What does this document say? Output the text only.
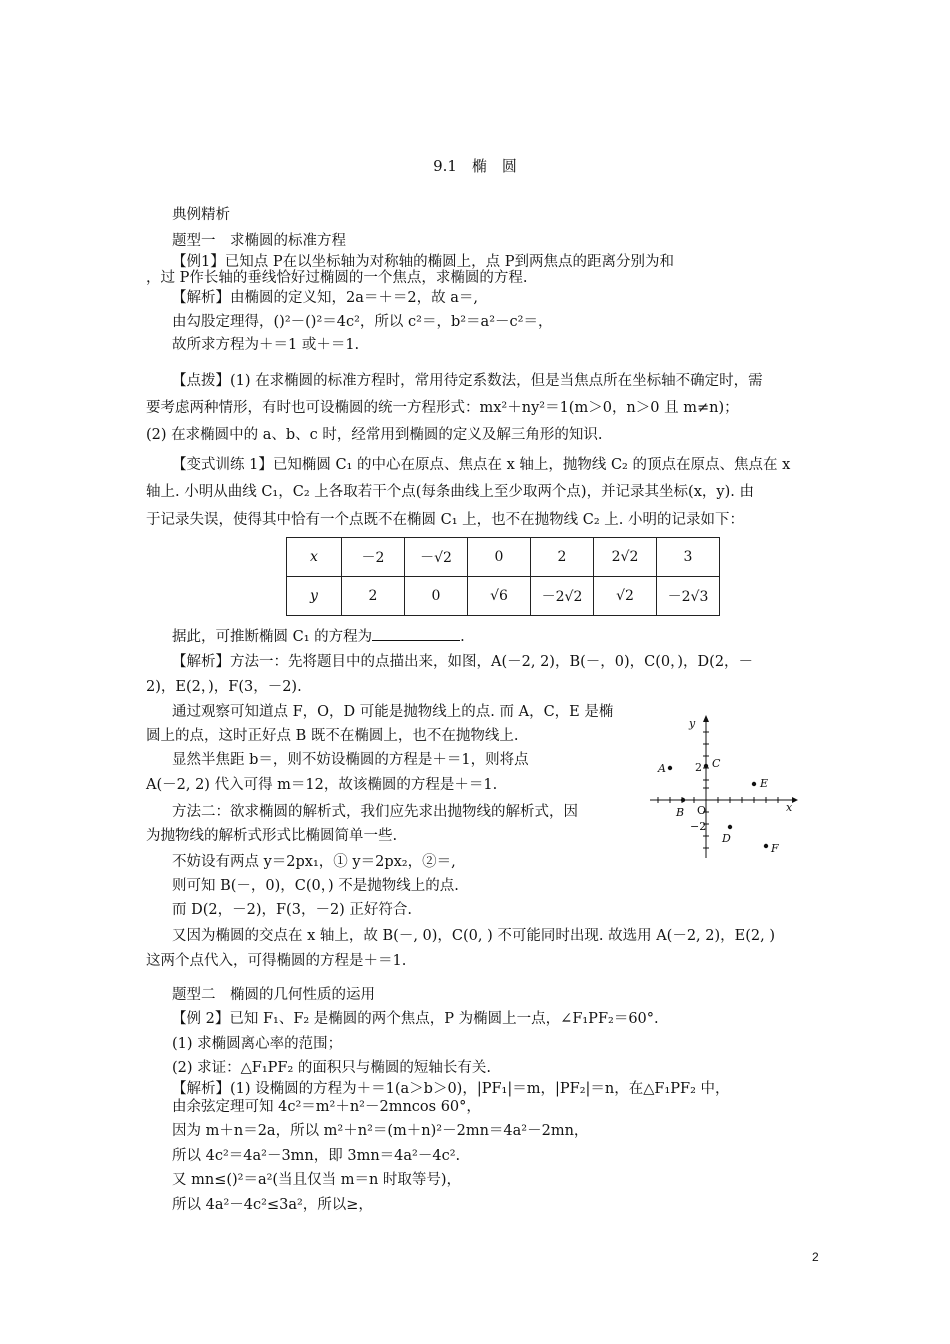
9.1　椭　圆
典例精析
题型一　求椭圆的标准方程
【例1】已知点 P在以坐标轴为对称轴的椭圆上，点 P到两焦点的距离分别为和
，过 P作长轴的垂线恰好过椭圆的一个焦点，求椭圆的方程.
【解析】由椭圆的定义知，2a＝＋＝2，故 a＝,
由勾股定理得，()²－()²＝4c²，所以 c²＝，b²＝a²－c²＝，
故所求方程为＋＝1 或＋＝1.
【点拨】(1) 在求椭圆的标准方程时，常用待定系数法，但是当焦点所在坐标轴不确定时，需
要考虑两种情形，有时也可设椭圆的统一方程形式：mx²＋ny²＝1(m＞0，n＞0 且 m≠n)；
(2) 在求椭圆中的 a、b、c 时，经常用到椭圆的定义及解三角形的知识.
【变式训练 1】已知椭圆 C₁ 的中心在原点、焦点在 x 轴上，抛物线 C₂ 的顶点在原点、焦点在 x
轴上. 小明从曲线 C₁，C₂ 上各取若干个点(每条曲线上至少取两个点)，并记录其坐标(x，y). 由
于记录失误，使得其中恰有一个点既不在椭圆 C₁ 上，也不在抛物线 C₂ 上. 小明的记录如下：
x	－2	－√2	0	2	2√2	3
y	2	0	√6	－2√2	√2	－2√3
据此，可推断椭圆 C₁ 的方程为	.
【解析】方法一：先将题目中的点描出来，如图，A(－2, 2)，B(－，0)，C(0，)，D(2，－
2)，E(2，)，F(3，－2).
通过观察可知道点 F，O，D 可能是抛物线上的点. 而 A，C，E 是椭
圆上的点，这时正好点 B 既不在椭圆上，也不在抛物线上.
显然半焦距 b＝，则不妨设椭圆的方程是＋＝1，则将点
A(－2, 2) 代入可得 m＝12，故该椭圆的方程是＋＝1.
方法二：欲求椭圆的解析式，我们应先求出抛物线的解析式，因
为抛物线的解析式形式比椭圆简单一些.
不妨设有两点 y＝2px₁，① y＝2px₂，②＝,
则可知 B(－，0)，C(0，) 不是抛物线上的点.
而 D(2，－2)，F(3，－2) 正好符合.
又因为椭圆的交点在 x 轴上，故 B(－, 0)，C(0, ) 不可能同时出现. 故选用 A(－2, 2)，E(2, )
这两个点代入，可得椭圆的方程是＋＝1.
题型二　椭圆的几何性质的运用
【例 2】已知 F₁、F₂ 是椭圆的两个焦点，P 为椭圆上一点，∠F₁PF₂＝60°.
(1) 求椭圆离心率的范围；
(2) 求证：△F₁PF₂ 的面积只与椭圆的短轴长有关.
【解析】(1) 设椭圆的方程为＋＝1(a＞b＞0)，|PF₁|＝m，|PF₂|＝n，在△F₁PF₂ 中，
由余弦定理可知 4c²＝m²＋n²－2mncos 60°，
因为 m＋n＝2a，所以 m²＋n²＝(m＋n)²－2mn＝4a²－2mn，
所以 4c²＝4a²－3mn，即 3mn＝4a²－4c².
又 mn≤()²＝a²(当且仅当 m＝n 时取等号)，
所以 4a²－4c²≤3a²，所以≥，
x
y
O
2
−2
A
B
C
D
E
F
2
